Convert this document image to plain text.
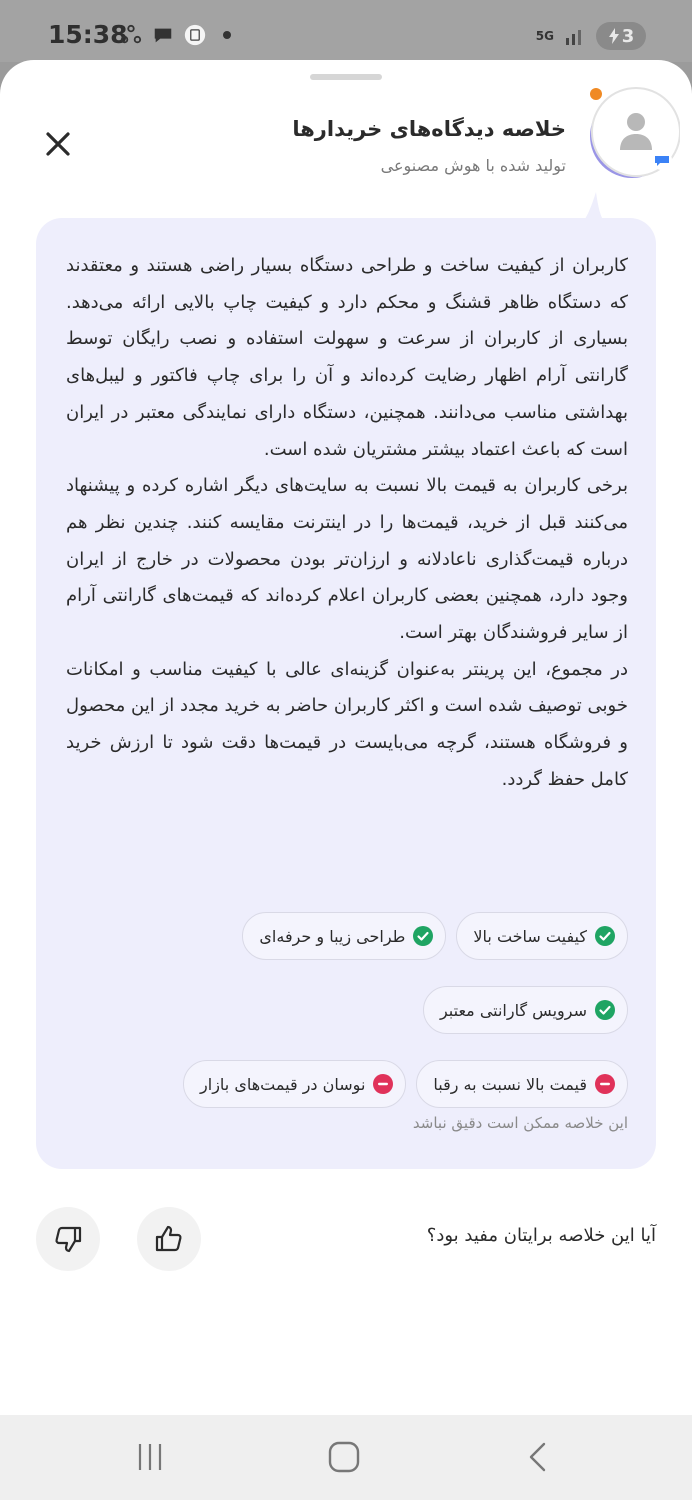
15:38	5G	3
خلاصه دیدگاه‌های خریدارها
تولید شده با هوش مصنوعی

کاربران از کیفیت ساخت و طراحی دستگاه بسیار راضی هستند و معتقدند که دستگاه ظاهر قشنگ و محکم دارد و کیفیت چاپ بالایی ارائه می‌دهد. بسیاری از کاربران از سرعت و سهولت استفاده و نصب رایگان توسط گارانتی آرام اظهار رضایت کرده‌اند و آن را برای چاپ فاکتور و لیبل‌های بهداشتی مناسب می‌دانند. همچنین، دستگاه دارای نمایندگی معتبر در ایران است که باعث اعتماد بیشتر مشتریان شده است.

برخی کاربران به قیمت بالا نسبت به سایت‌های دیگر اشاره کرده و پیشنهاد می‌کنند قبل از خرید، قیمت‌ها را در اینترنت مقایسه کنند. چندین نظر هم درباره قیمت‌گذاری ناعادلانه و ارزان‌تر بودن محصولات در خارج از ایران وجود دارد، همچنین بعضی کاربران اعلام کرده‌اند که قیمت‌های گارانتی آرام از سایر فروشندگان بهتر است.

در مجموع، این پرینتر به‌عنوان گزینه‌ای عالی با کیفیت مناسب و امکانات خوبی توصیف شده است و اکثر کاربران حاضر به خرید مجدد از این محصول و فروشگاه هستند، گرچه می‌بایست در قیمت‌ها دقت شود تا ارزش خرید کامل حفظ گردد.

کیفیت ساخت بالا
طراحی زیبا و حرفه‌ای
سرویس گارانتی معتبر
قیمت بالا نسبت به رقبا
نوسان در قیمت‌های بازار
این خلاصه ممکن است دقیق نباشد
آیا این خلاصه برایتان مفید بود؟
